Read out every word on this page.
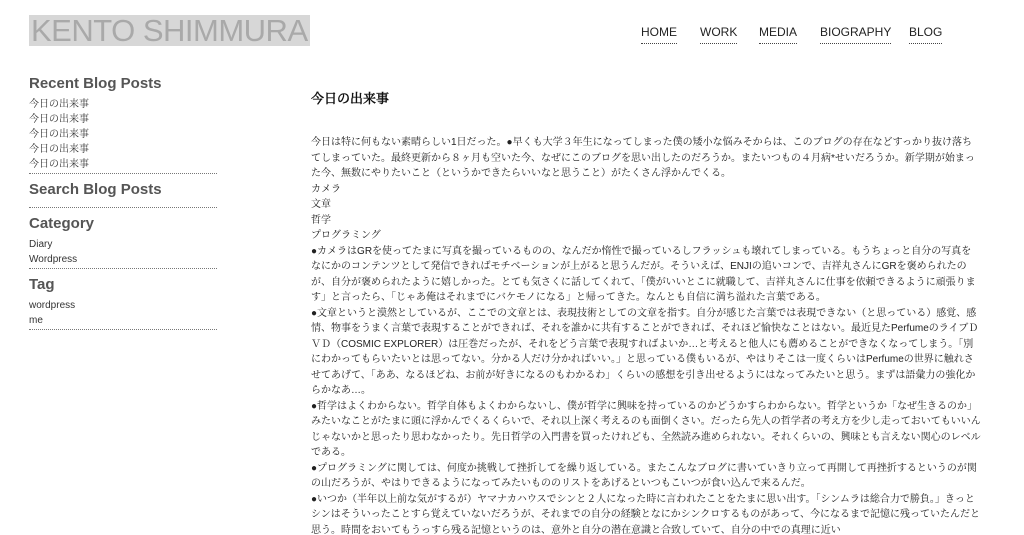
KENTO SHIMMURA	HOME WORK MEDIA BIOGRAPHY BLOG
Recent Blog Posts
今日の出来事
今日の出来事
今日の出来事
今日の出来事
今日の出来事
Search Blog Posts
Category
Diary
Wordpress
Tag
wordpress
me
今日の出来事

今日は特に何もない素晴らしい1日だった。●早くも大学３年生になってしまった僕の矮小な悩みそからは、このブログの存在などすっかり抜け落ちてしまっていた。最終更新から８ヶ月も空いた今、なぜにこのブログを思い出したのだろうか。またいつもの４月病*せいだろうか。新学期が始まった今、無数にやりたいこと（というかできたらいいなと思うこと）がたくさん浮かんでくる。

カメラ

文章

哲学

プログラミング

●カメラはGRを使ってたまに写真を撮っているものの、なんだか惰性で撮っているしフラッシュも壊れてしまっている。もうちょっと自分の写真をなにかのコンテンツとして発信できればモチベーションが上がると思うんだが。そういえば、ENJIの追いコンで、吉祥丸さんにGRを褒められたのが、自分が褒められたように嬉しかった。とても気さくに話してくれて、「僕がいいとこに就職して、吉祥丸さんに仕事を依頼できるように頑張ります」と言ったら、「じゃあ俺はそれまでにバケモノになる」と帰ってきた。なんとも自信に満ち溢れた言葉である。

●文章というと漠然としているが、ここでの文章とは、表現技術としての文章を指す。自分が感じた言葉では表現できない（と思っている）感覚、感情、物事をうまく言葉で表現することができれば、それを誰かに共有することができれば、それほど愉快なことはない。最近見たPerfumeのライブＤＶＤ（COSMIC EXPLORER）は圧巻だったが、それをどう言葉で表現すればよいか…と考えると他人にも薦めることができなくなってしまう。「別にわかってもらいたいとは思ってない。分かる人だけ分かればいい。」と思っている僕もいるが、やはりそこは一度くらいはPerfumeの世界に触れさせてあげて、「ああ、なるほどね、お前が好きになるのもわかるわ」くらいの感想を引き出せるようにはなってみたいと思う。まずは語彙力の強化からかなあ…。

●哲学はよくわからない。哲学自体もよくわからないし、僕が哲学に興味を持っているのかどうかすらわからない。哲学というか「なぜ生きるのか」みたいなことがたまに頭に浮かんでくるくらいで、それ以上深く考えるのも面倒くさい。だったら先人の哲学者の考え方を少し走っておいてもいいんじゃないかと思ったり思わなかったり。先日哲学の入門書を買ったけれども、全然読み進められない。それくらいの、興味とも言えない関心のレベルである。

●プログラミングに関しては、何度か挑戦して挫折してを繰り返している。またこんなブログに書いていきり立って再開して再挫折するというのが関の山だろうが、やはりできるようになってみたいもののリストをあげるといつもこいつが食い込んで来るんだ。

●いつか（半年以上前な気がするが）ヤマナカハウスでシンと２人になった時に言われたことをたまに思い出す。「シンムラは総合力で勝負。」きっとシンはそういったことすら覚えていないだろうが、それまでの自分の経験となにかシンクロするものがあって、今になるまで記憶に残っていたんだと思う。時間をおいてもうっすら残る記憶というのは、意外と自分の潜在意識と合致していて、自分の中での真理に近い
